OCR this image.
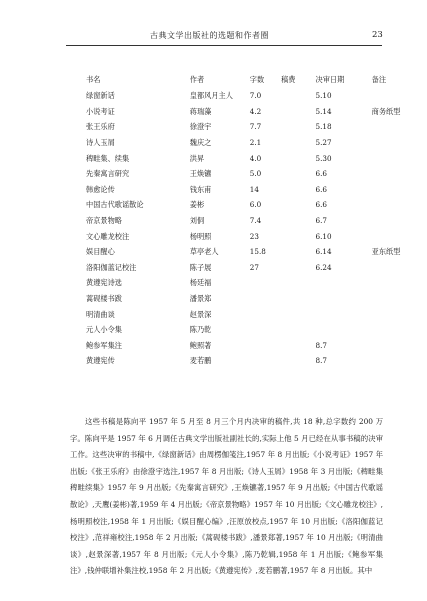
古典文学出版社的选题和作者圈	23
书名	作者	字数	稿费	决审日期	备注
绿窗新话	皇都风月主人	7.0		5.10	
小说考证	蒋瑞藻	4.2		5.14	商务纸型
张王乐府	徐澄宇	7.7		5.18	
诗人玉屑	魏庆之	2.1		5.27	
稗畦集、续集	洪昇	4.0		5.30	
先秦寓言研究	王焕镳	5.0		6.6	
韩愈论传	钱东甫	14		6.6	
中国古代歌谣散论	姜彬	6.0		6.6	
帝京景物略	刘侗	7.4		6.7	
文心雕龙校注	杨明照	23		6.10	
娱目醒心	草亭老人	15.8		6.14	亚东纸型
洛阳伽蓝记校注	陈子展	27		6.24	
黄遵宪诗选	杨廷福				
蒿砚楼书跋	潘景郑				
明清曲谈	赵景深				
元人小令集	陈乃乾				
鲍参军集注	鲍照著			8.7	
黄遵宪传	麦若鹏			8.7	

这些书稿是陈向平 1957 年 5 月至 8 月三个月内决审的稿件,共 18 种,总字数约 200 万字。陈向平是 1957 年 6 月调任古典文学出版社副社长的,实际上他 5 月已经在从事书稿的决审工作。这些决审的书稿中,《绿窗新话》由周楞伽笺注,1957 年 8 月出版;《小说考证》1957 年出版;《张王乐府》由徐澄宇选注,1957 年 8 月出版;《诗人玉屑》1958 年 3 月出版;《稗畦集 稗畦续集》1957 年 9 月出版;《先秦寓言研究》,王焕镳著,1957 年 9 月出版;《中国古代歌谣散论》,天鹰(姜彬)著,1959 年 4 月出版;《帝京景物略》1957 年 10 月出版;《文心雕龙校注》,杨明照校注,1958 年 1 月出版;《娱目醒心编》,汪原放校点,1957 年 10 月出版;《洛阳伽蓝记校注》,范祥雍校注,1958 年 2 月出版;《蒿砚楼书跋》,潘景郑著,1957 年 10 月出版;《明清曲谈》,赵景深著,1957 年 8 月出版;《元人小令集》,陈乃乾辑,1958 年 1 月出版;《鲍参军集注》,钱仲联增补集注校,1958 年 2 月出版;《黄遵宪传》,麦若鹏著,1957 年 8 月出版。其中
